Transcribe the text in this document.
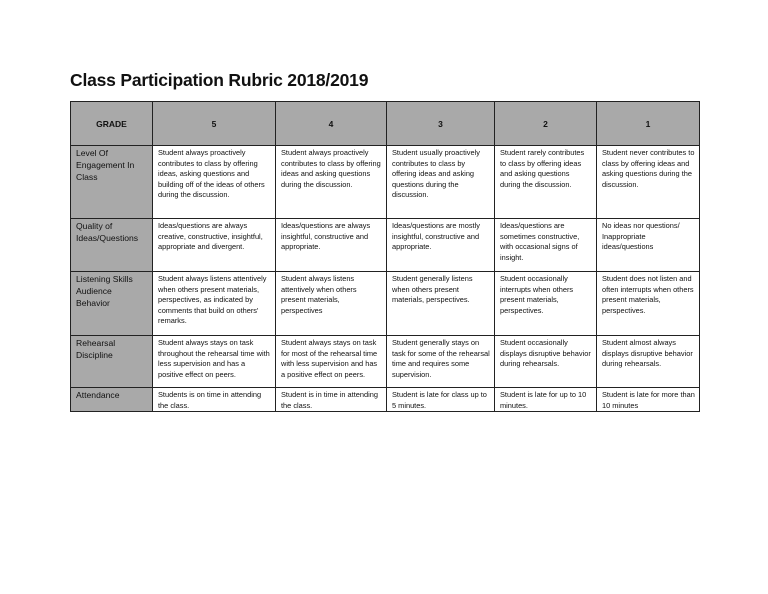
Class Participation Rubric 2018/2019
GRADE	5	4	3	2	1
Level Of Engagement In Class	Student always proactively contributes to class by offering ideas, asking questions and building off of the ideas of others during the discussion.	Student always proactively contributes to class by offering ideas and asking questions during the discussion.	Student usually proactively contributes to class by offering ideas and asking questions during the discussion.	Student rarely contributes to class by offering ideas and asking questions during the discussion.	Student never contributes to class by offering ideas and asking questions during the discussion.
Quality of Ideas/Questions	Ideas/questions are always creative, constructive, insightful, appropriate and divergent.	Ideas/questions are always insightful, constructive and appropriate.	Ideas/questions are mostly insightful, constructive and appropriate.	Ideas/questions are sometimes constructive, with occasional signs of insight.	No ideas nor questions/ Inappropriate ideas/questions
Listening Skills Audience Behavior	Student always listens attentively when others present materials, perspectives, as indicated by comments that build on others' remarks.	Student always listens attentively when others present materials, perspectives	Student generally listens when others present materials, perspectives.	Student occasionally interrupts when others present materials, perspectives.	Student does not listen and often interrupts when others present materials, perspectives.
Rehearsal Discipline	Student always stays on task throughout the rehearsal time with less supervision and has a positive effect on peers.	Student always stays on task for most of the rehearsal time with less supervision and has a positive effect on peers.	Student generally stays on task for some of the rehearsal time and requires some supervision.	Student occasionally displays disruptive behavior during rehearsals.	Student almost always displays disruptive behavior during rehearsals.
Attendance	Students is on time in attending the class.	Student is in time in attending the class.	Student is late for class up to 5 minutes.	Student is late for up to 10 minutes.	Student is late for more than 10 minutes
